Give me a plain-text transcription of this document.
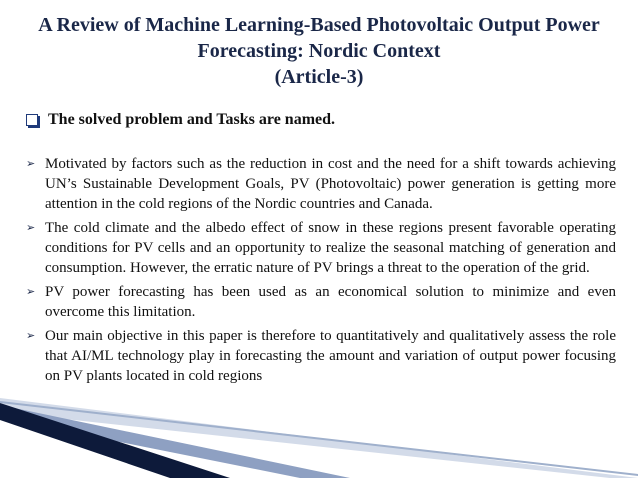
A Review of Machine Learning-Based Photovoltaic Output Power
Forecasting: Nordic Context
(Article-3)
The solved problem and Tasks are named.
➢ Motivated by factors such as the reduction in cost and the need for a shift towards achieving UN’s Sustainable Development Goals, PV (Photovoltaic) power generation is getting more attention in the cold regions of the Nordic countries and Canada.
➢ The cold climate and the albedo effect of snow in these regions present favorable operating conditions for PV cells and an opportunity to realize the seasonal matching of generation and consumption. However, the erratic nature of PV brings a threat to the operation of the grid.
➢ PV power forecasting has been used as an economical solution to minimize and even overcome this limitation.
➢ Our main objective in this paper is therefore to quantitatively and qualitatively assess the role that AI/ML technology play in forecasting the amount and variation of output power focusing on PV plants located in cold regions
